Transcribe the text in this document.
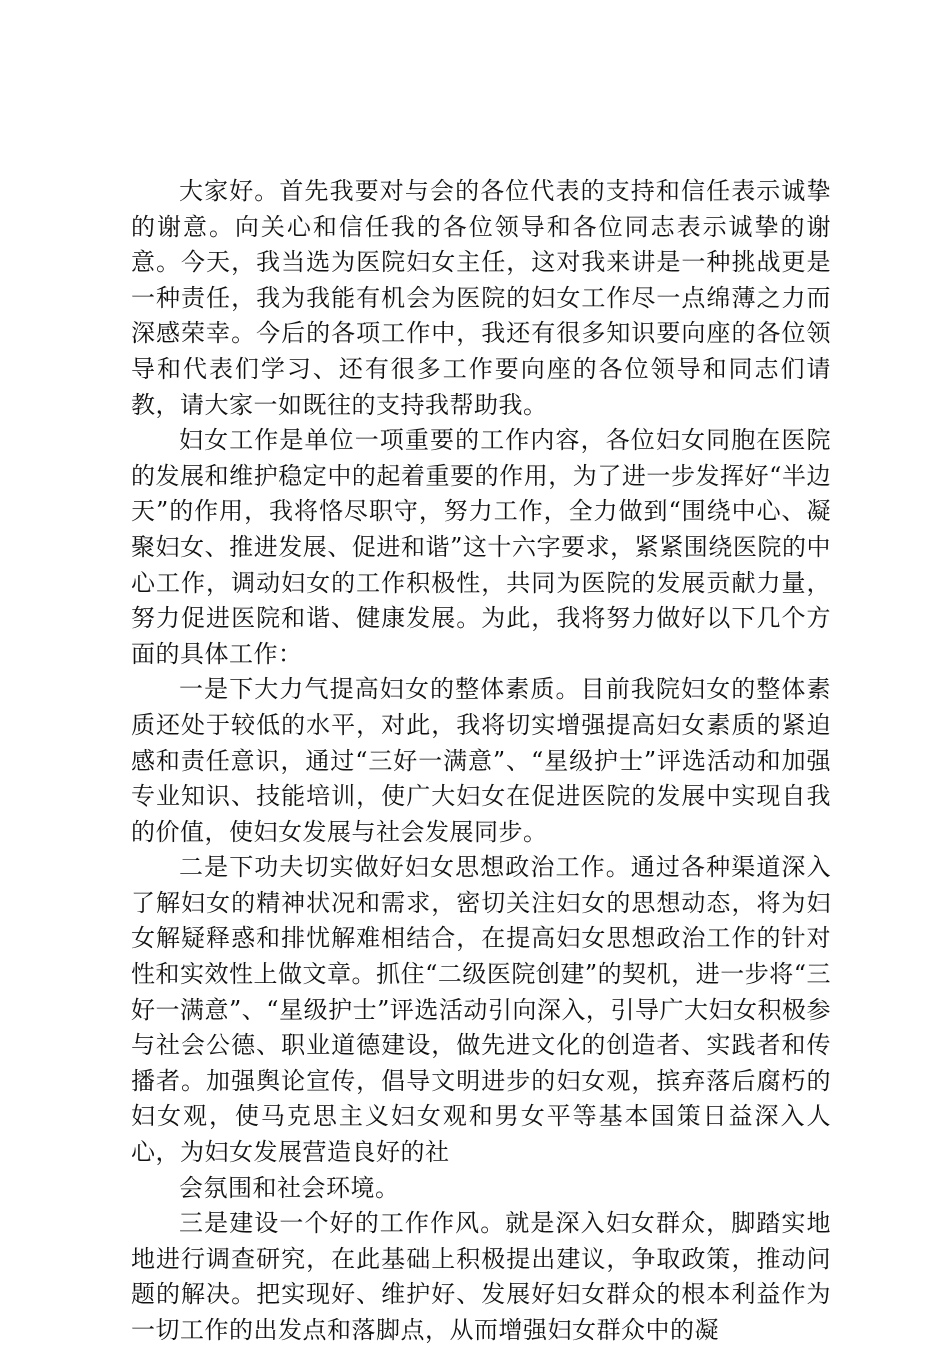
大家好。首先我要对与会的各位代表的支持和信任表示诚挚的谢意。向关心和信任我的各位领导和各位同志表示诚挚的谢意。今天，我当选为医院妇女主任，这对我来讲是一种挑战更是一种责任，我为我能有机会为医院的妇女工作尽一点绵薄之力而深感荣幸。今后的各项工作中，我还有很多知识要向座的各位领导和代表们学习、还有很多工作要向座的各位领导和同志们请教，请大家一如既往的支持我帮助我。

妇女工作是单位一项重要的工作内容，各位妇女同胞在医院的发展和维护稳定中的起着重要的作用，为了进一步发挥好“半边天”的作用，我将恪尽职守，努力工作，全力做到“围绕中心、凝聚妇女、推进发展、促进和谐”这十六字要求，紧紧围绕医院的中心工作，调动妇女的工作积极性，共同为医院的发展贡献力量，努力促进医院和谐、健康发展。为此，我将努力做好以下几个方面的具体工作：

一是下大力气提高妇女的整体素质。目前我院妇女的整体素质还处于较低的水平，对此，我将切实增强提高妇女素质的紧迫感和责任意识，通过“三好一满意”、“星级护士”评选活动和加强专业知识、技能培训，使广大妇女在促进医院的发展中实现自我的价值，使妇女发展与社会发展同步。

二是下功夫切实做好妇女思想政治工作。通过各种渠道深入了解妇女的精神状况和需求，密切关注妇女的思想动态，将为妇女解疑释惑和排忧解难相结合，在提高妇女思想政治工作的针对性和实效性上做文章。抓住“二级医院创建”的契机，进一步将“三好一满意”、“星级护士”评选活动引向深入，引导广大妇女积极参与社会公德、职业道德建设，做先进文化的创造者、实践者和传播者。加强舆论宣传，倡导文明进步的妇女观，摈弃落后腐朽的妇女观，使马克思主义妇女观和男女平等基本国策日益深入人心，为妇女发展营造良好的社

会氛围和社会环境。

三是建设一个好的工作作风。就是深入妇女群众，脚踏实地地进行调查研究，在此基础上积极提出建议，争取政策，推动问题的解决。把实现好、维护好、发展好妇女群众的根本利益作为一切工作的出发点和落脚点，从而增强妇女群众中的凝
